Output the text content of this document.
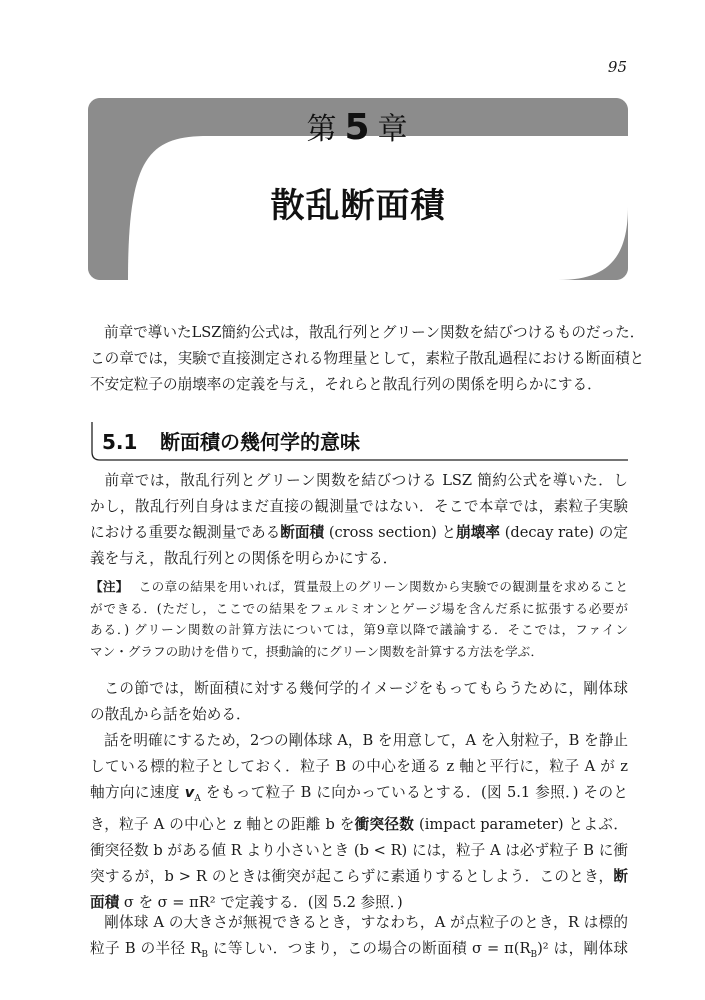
95
第 5 章
散乱断面積
前章で導いたLSZ簡約公式は，散乱行列とグリーン関数を結びつけるものだった．
この章では，実験で直接測定される物理量として，素粒子散乱過程における断面積と
不安定粒子の崩壊率の定義を与え，それらと散乱行列の関係を明らかにする．
5.1 断面積の幾何学的意味
前章では，散乱行列とグリーン関数を結びつける LSZ 簡約公式を導いた．し
かし，散乱行列自身はまだ直接の観測量ではない．そこで本章では，素粒子実験
における重要な観測量である断面積 (cross section) と崩壊率 (decay rate) の定
義を与え，散乱行列との関係を明らかにする．
【注】 この章の結果を用いれば，質量殻上のグリーン関数から実験での観測量を求めること
ができる．(ただし，ここでの結果をフェルミオンとゲージ場を含んだ系に拡張する必要が
ある．) グリーン関数の計算方法については，第9章以降で議論する．そこでは，ファイン
マン・グラフの助けを借りて，摂動論的にグリーン関数を計算する方法を学ぶ．
この節では，断面積に対する幾何学的イメージをもってもらうために，剛体球
の散乱から話を始める．
話を明確にするため，2つの剛体球 A，B を用意して，A を入射粒子，B を静止
している標的粒子としておく．粒子 B の中心を通る z 軸と平行に，粒子 A が z
軸方向に速度 $v_A$ をもって粒子 B に向かっているとする．(図 5.1 参照．) そのと
き，粒子 A の中心と z 軸との距離 b を衝突径数 (impact parameter) とよぶ．
衝突径数 b がある値 R より小さいとき (b < R) には，粒子 A は必ず粒子 B に衝
突するが，b > R のときは衝突が起こらずに素通りするとしよう．このとき，断
面積 σ を σ = πR² で定義する．(図 5.2 参照．)
剛体球 A の大きさが無視できるとき，すなわち，A が点粒子のとき，R は標的
粒子 B の半径 $R_B$ に等しい．つまり，この場合の断面積 $\sigma = \pi(R_B)^2$ は，剛体球
